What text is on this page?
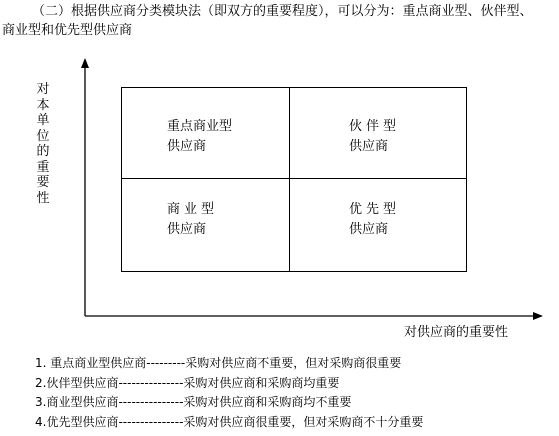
（二）根据供应商分类模块法（即双方的重要程度），可以分为：重点商业型、伙伴型、
商业型和优先型供应商
对本单位的重要性
对供应商的重要性
重点商业型
供应商
伙伴型
供应商
商业型
供应商
优先型
供应商
1. 重点商业型供应商---------采购对供应商不重要，但对采购商很重要
2.伙伴型供应商---------------采购对供应商和采购商均重要
3.商业型供应商---------------采购对供应商和采购商均不重要
4.优先型供应商---------------采购对供应商很重要，但对采购商不十分重要
